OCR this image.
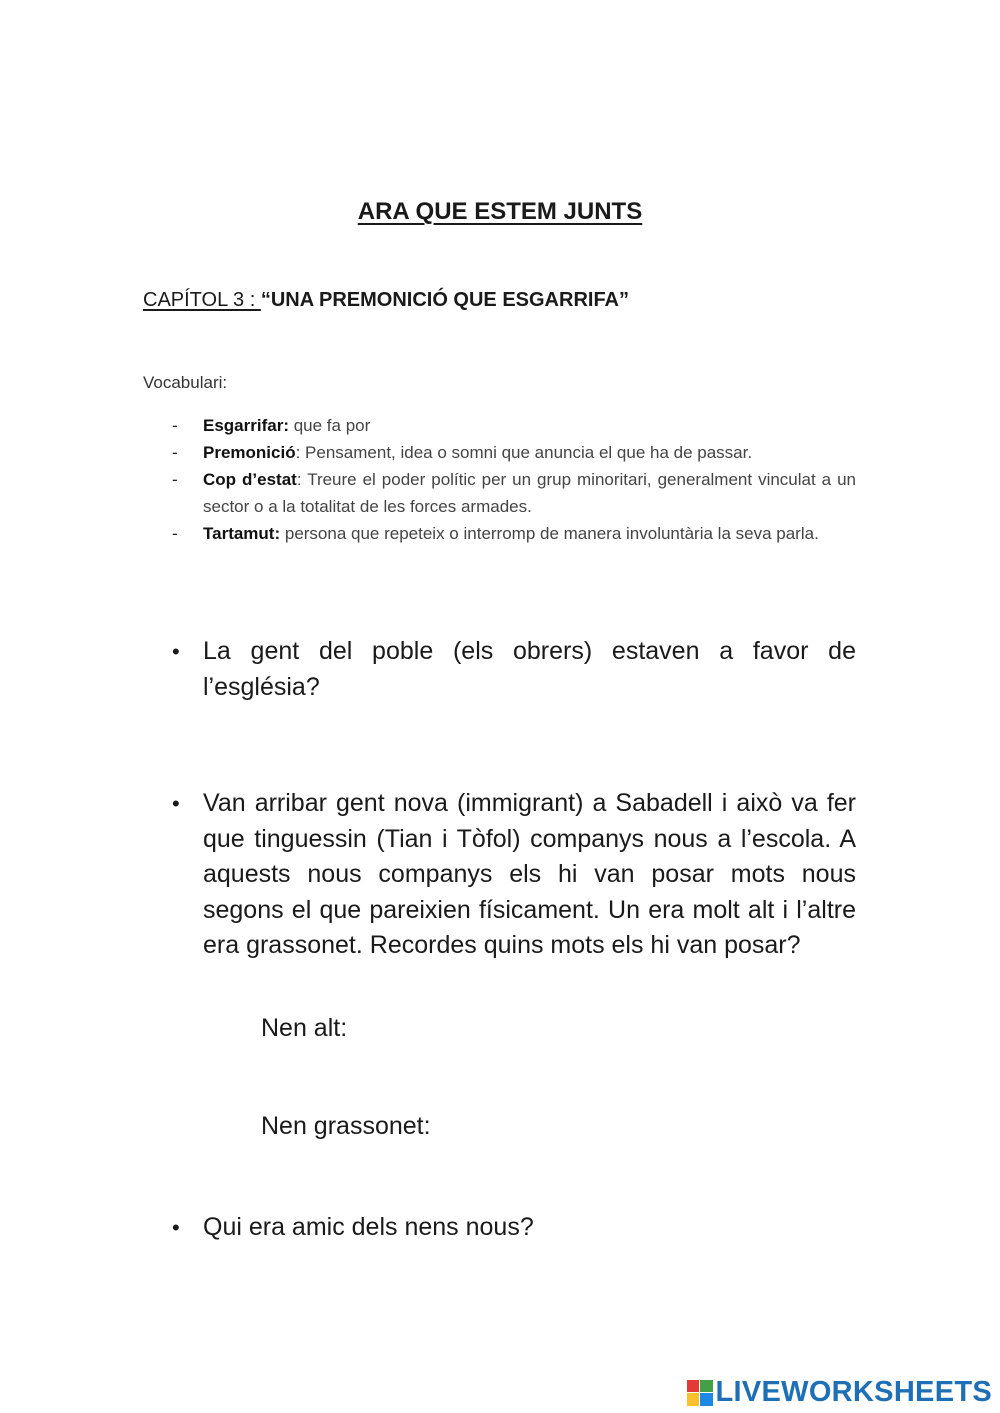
ARA QUE ESTEM JUNTS
CAPÍTOL 3 : “UNA PREMONICIÓ QUE ESGARRIFA”
Vocabulari:
- Esgarrifar: que fa por
- Premonició: Pensament, idea o somni que anuncia el que ha de passar.
- Cop d’estat: Treure el poder polític per un grup minoritari, generalment vinculat a un sector o a la totalitat de les forces armades.
- Tartamut: persona que repeteix o interromp de manera involuntària la seva parla.
• La gent del poble (els obrers) estaven a favor de l’església?
• Van arribar gent nova (immigrant) a Sabadell i això va fer que tinguessin (Tian i Tòfol) companys nous a l’escola. A aquests nous companys els hi van posar mots nous segons el que pareixien físicament. Un era molt alt i l’altre era grassonet. Recordes quins mots els hi van posar?
Nen alt:
Nen grassonet:
• Qui era amic dels nens nous?
LIVEWORKSHEETS
